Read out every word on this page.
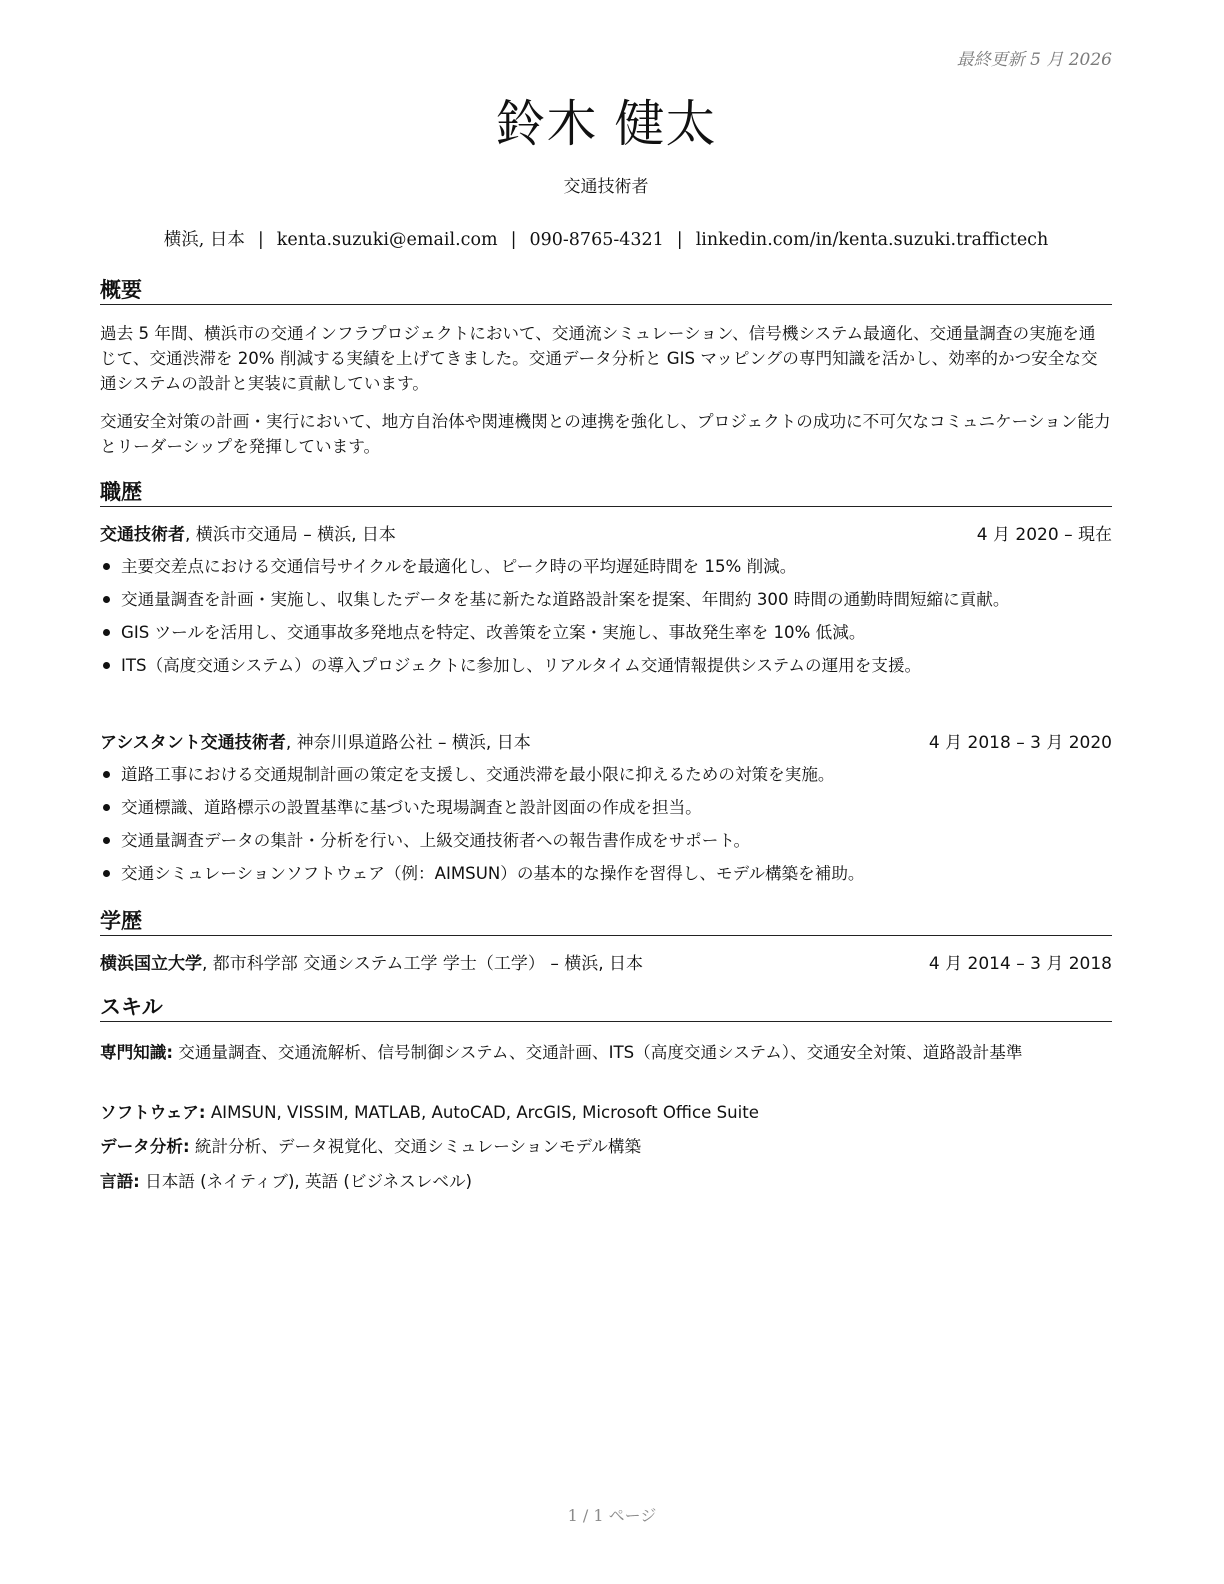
最終更新 5 月 2026
鈴木 健太
交通技術者
横浜, 日本 | kenta.suzuki@email.com | 090-8765-4321 | linkedin.com/in/kenta.suzuki.traffictech
概要

過去 5 年間、横浜市の交通インフラプロジェクトにおいて、交通流シミュレーション、信号機システム最適化、交通量調査の実施を通じて、交通渋滞を 20% 削減する実績を上げてきました。交通データ分析と GIS マッピングの専門知識を活かし、効率的かつ安全な交通システムの設計と実装に貢献しています。

交通安全対策の計画・実行において、地方自治体や関連機関との連携を強化し、プロジェクトの成功に不可欠なコミュニケーション能力とリーダーシップを発揮しています。

職歴
交通技術者, 横浜市交通局 – 横浜, 日本	4 月 2020 – 現在
主要交差点における交通信号サイクルを最適化し、ピーク時の平均遅延時間を 15% 削減。
交通量調査を計画・実施し、収集したデータを基に新たな道路設計案を提案、年間約 300 時間の通勤時間短縮に貢献。
GIS ツールを活用し、交通事故多発地点を特定、改善策を立案・実施し、事故発生率を 10% 低減。
ITS（高度交通システム）の導入プロジェクトに参加し、リアルタイム交通情報提供システムの運用を支援。
アシスタント交通技術者, 神奈川県道路公社 – 横浜, 日本	4 月 2018 – 3 月 2020
道路工事における交通規制計画の策定を支援し、交通渋滞を最小限に抑えるための対策を実施。
交通標識、道路標示の設置基準に基づいた現場調査と設計図面の作成を担当。
交通量調査データの集計・分析を行い、上級交通技術者への報告書作成をサポート。
交通シミュレーションソフトウェア（例：AIMSUN）の基本的な操作を習得し、モデル構築を補助。
学歴
横浜国立大学, 都市科学部 交通システム工学 学士（工学） – 横浜, 日本	4 月 2014 – 3 月 2018
スキル
専門知識: 交通量調査、交通流解析、信号制御システム、交通計画、ITS（高度交通システム）、交通安全対策、道路設計基準
ソフトウェア: AIMSUN, VISSIM, MATLAB, AutoCAD, ArcGIS, Microsoft Office Suite
データ分析: 統計分析、データ視覚化、交通シミュレーションモデル構築
言語: 日本語 (ネイティブ), 英語 (ビジネスレベル)
1 / 1 ページ
